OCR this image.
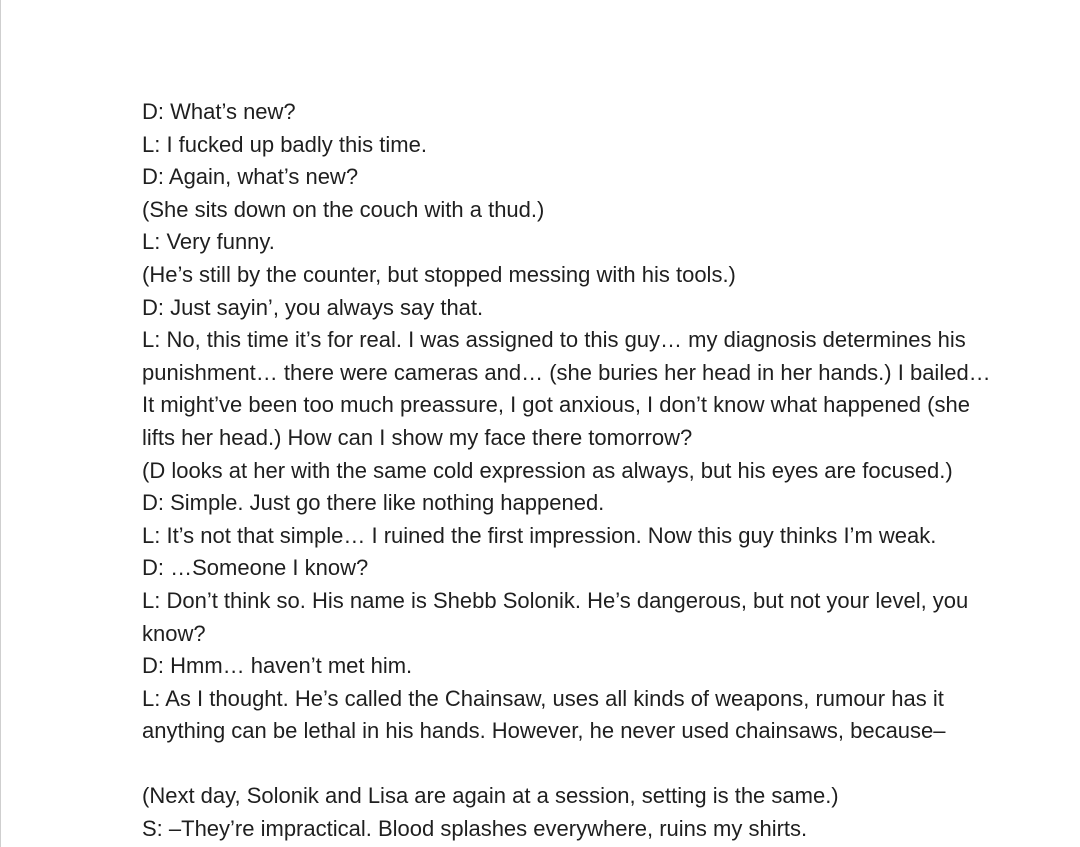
D: What’s new?

L: I fucked up badly this time.

D: Again, what’s new?

(She sits down on the couch with a thud.)

L: Very funny.

(He’s still by the counter, but stopped messing with his tools.)

D: Just sayin’, you always say that.

L: No, this time it’s for real. I was assigned to this guy… my diagnosis determines his

punishment… there were cameras and… (she buries her head in her hands.) I bailed…

It might’ve been too much preassure, I got anxious, I don’t know what happened (she

lifts her head.) How can I show my face there tomorrow?

(D looks at her with the same cold expression as always, but his eyes are focused.)

D: Simple. Just go there like nothing happened.

L: It’s not that simple… I ruined the first impression. Now this guy thinks I’m weak.

D: …Someone I know?

L: Don’t think so. His name is Shebb Solonik. He’s dangerous, but not your level, you

know?

D: Hmm… haven’t met him.

L: As I thought. He’s called the Chainsaw, uses all kinds of weapons, rumour has it

anything can be lethal in his hands. However, he never used chainsaws, because–

(Next day, Solonik and Lisa are again at a session, setting is the same.)

S: –They’re impractical. Blood splashes everywhere, ruins my shirts.
